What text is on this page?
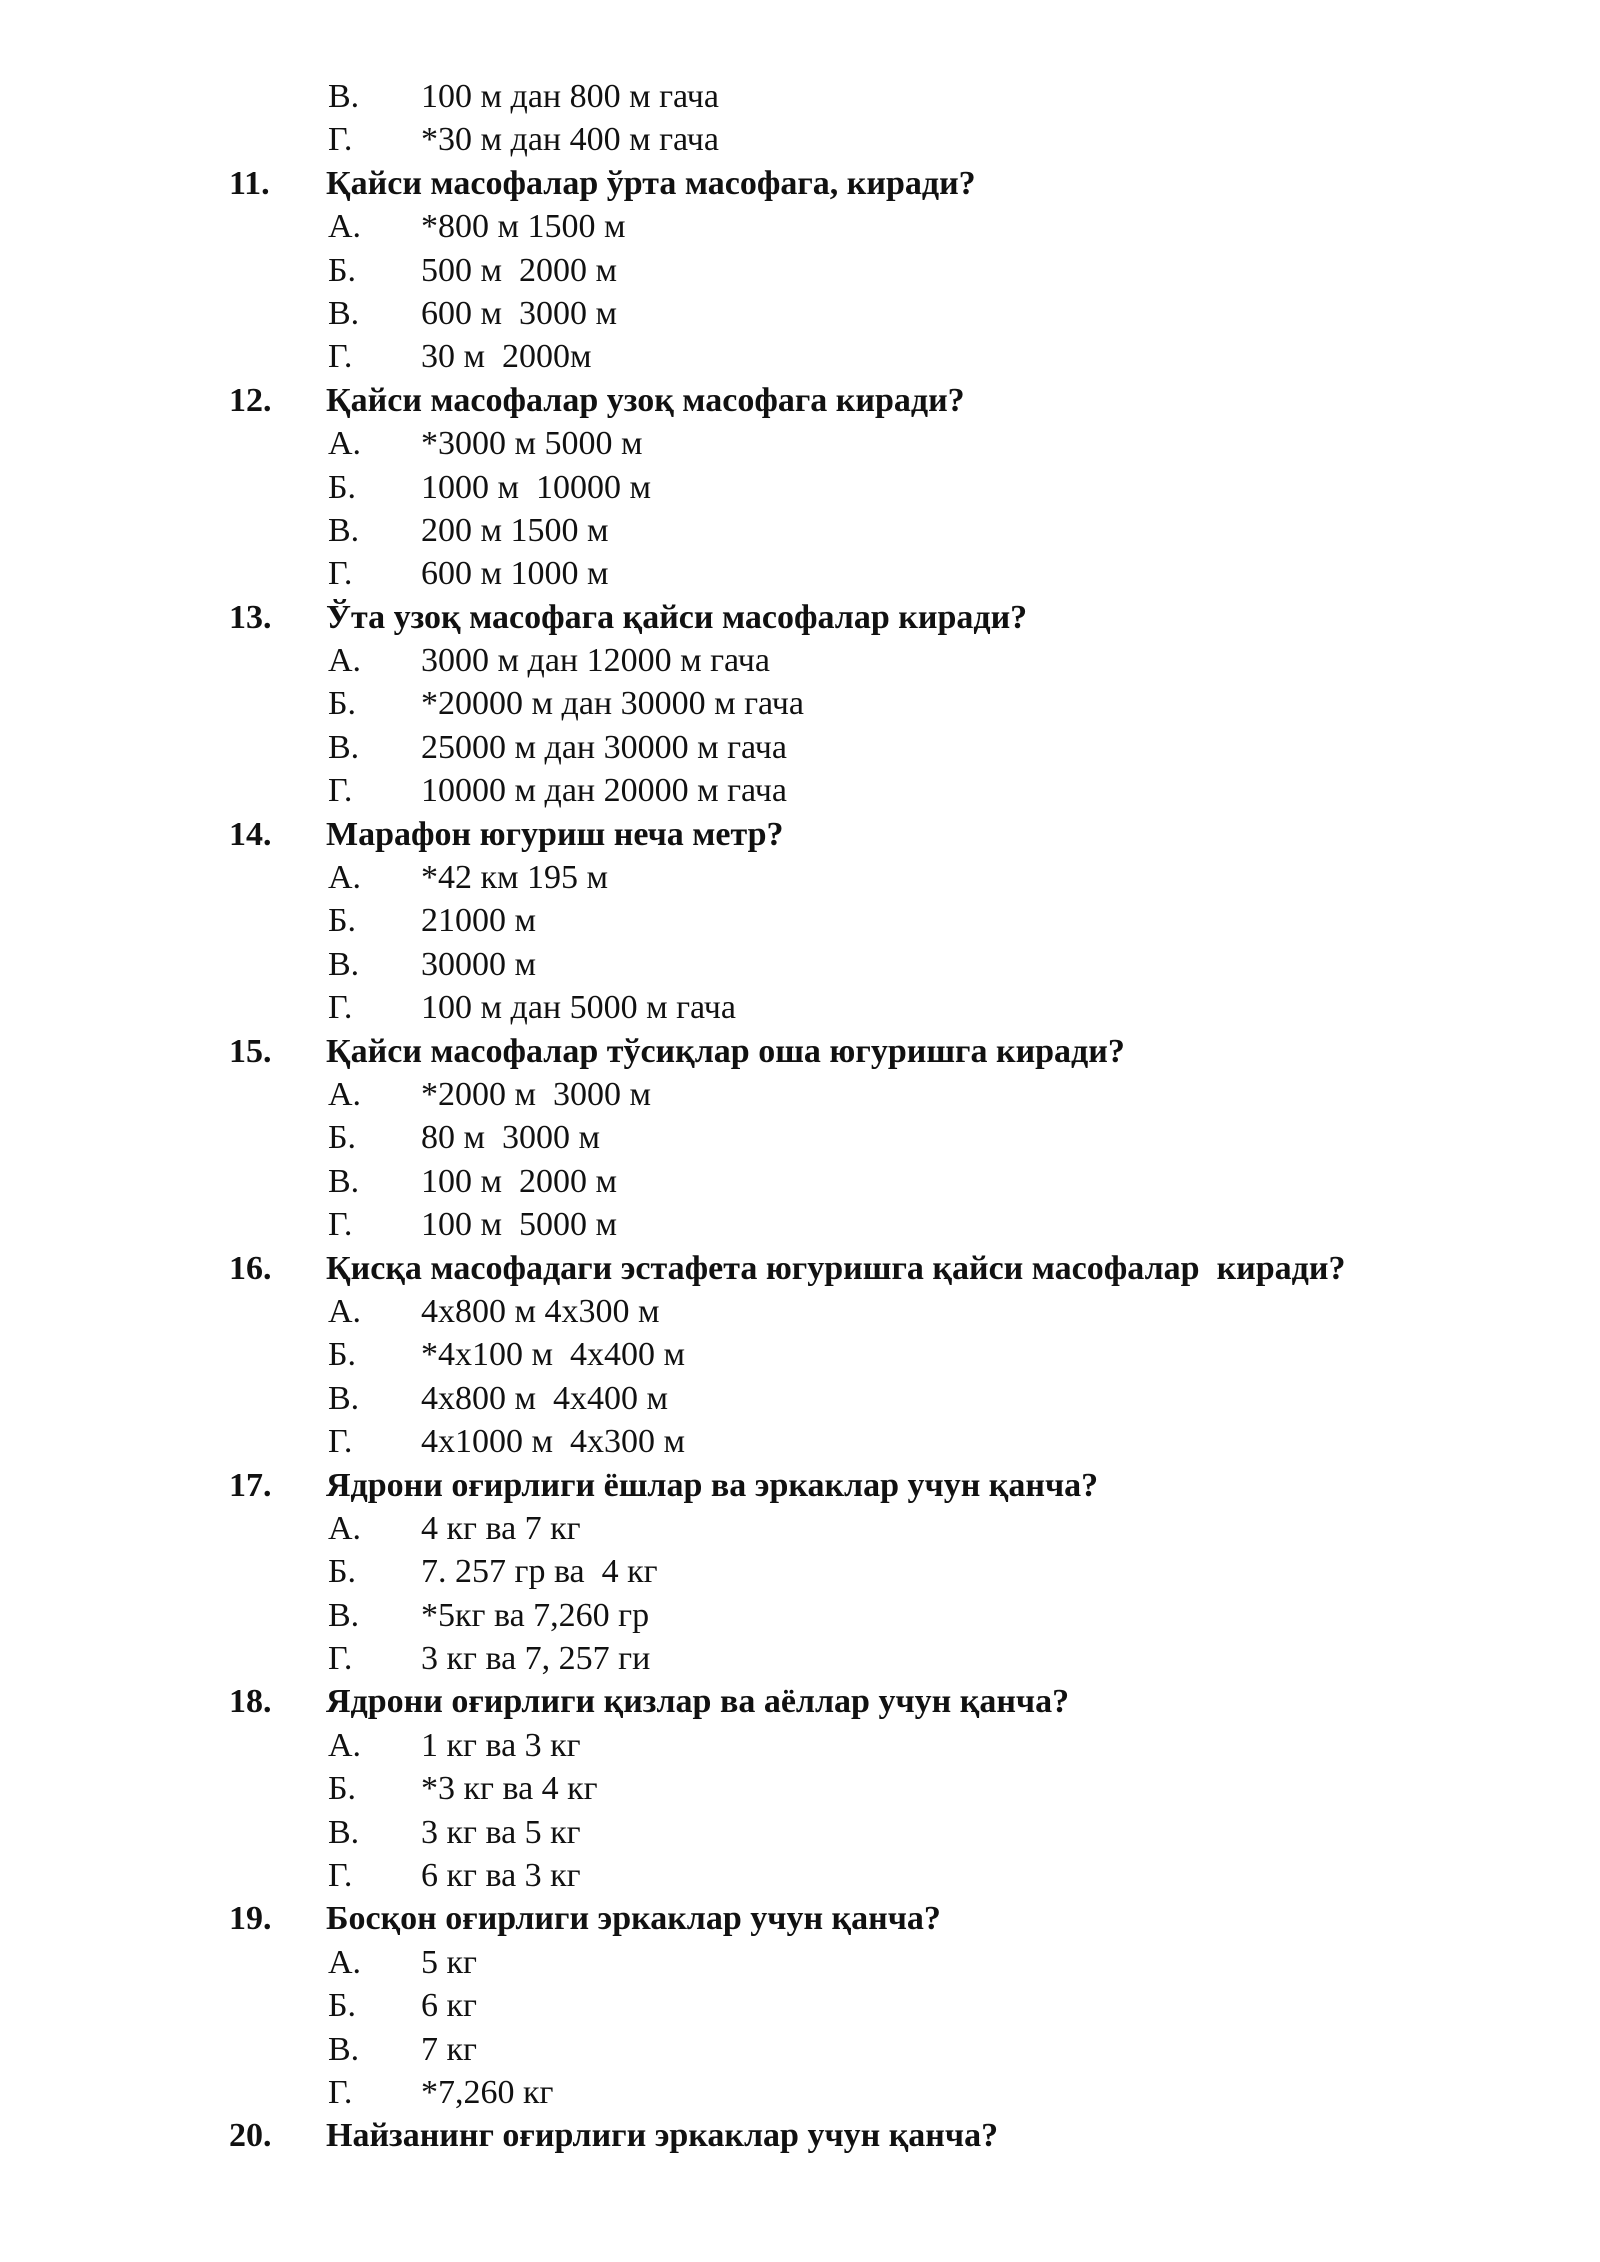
В. 100 м дан 800 м гача
Г. *30 м дан 400 м гача
11. Қайси масофалар ўрта масофага, киради?
А. *800 м 1500 м
Б. 500 м  2000 м
В. 600 м  3000 м
Г. 30 м  2000м
12. Қайси масофалар узоқ масофага киради?
А. *3000 м 5000 м
Б. 1000 м  10000 м
В. 200 м 1500 м
Г. 600 м 1000 м
13. Ўта узоқ масофага қайси масофалар киради?
А. 3000 м дан 12000 м гача
Б. *20000 м дан 30000 м гача
В. 25000 м дан 30000 м гача
Г. 10000 м дан 20000 м гача
14. Марафон югуриш неча метр?
А. *42 км 195 м
Б. 21000 м
В. 30000 м
Г. 100 м дан 5000 м гача
15. Қайси масофалар тўсиқлар оша югуришга киради?
А. *2000 м  3000 м
Б. 80 м  3000 м
В. 100 м  2000 м
Г. 100 м  5000 м
16. Қисқа масофадаги эстафета югуришга қайси масофалар  киради?
А. 4х800 м 4х300 м
Б. *4х100 м  4х400 м
В. 4х800 м  4х400 м
Г. 4х1000 м  4х300 м
17. Ядрони оғирлиги ёшлар ва эркаклар учун қанча?
А. 4 кг ва 7 кг
Б. 7. 257 гр ва  4 кг
В. *5кг ва 7,260 гр
Г. 3 кг ва 7, 257 ги
18. Ядрони оғирлиги қизлар ва аёллар учун қанча?
А. 1 кг ва 3 кг
Б. *3 кг ва 4 кг
В. 3 кг ва 5 кг
Г. 6 кг ва 3 кг
19. Босқон оғирлиги эркаклар учун қанча?
А. 5 кг
Б. 6 кг
В. 7 кг
Г. *7,260 кг
20. Найзанинг оғирлиги эркаклар учун қанча?
